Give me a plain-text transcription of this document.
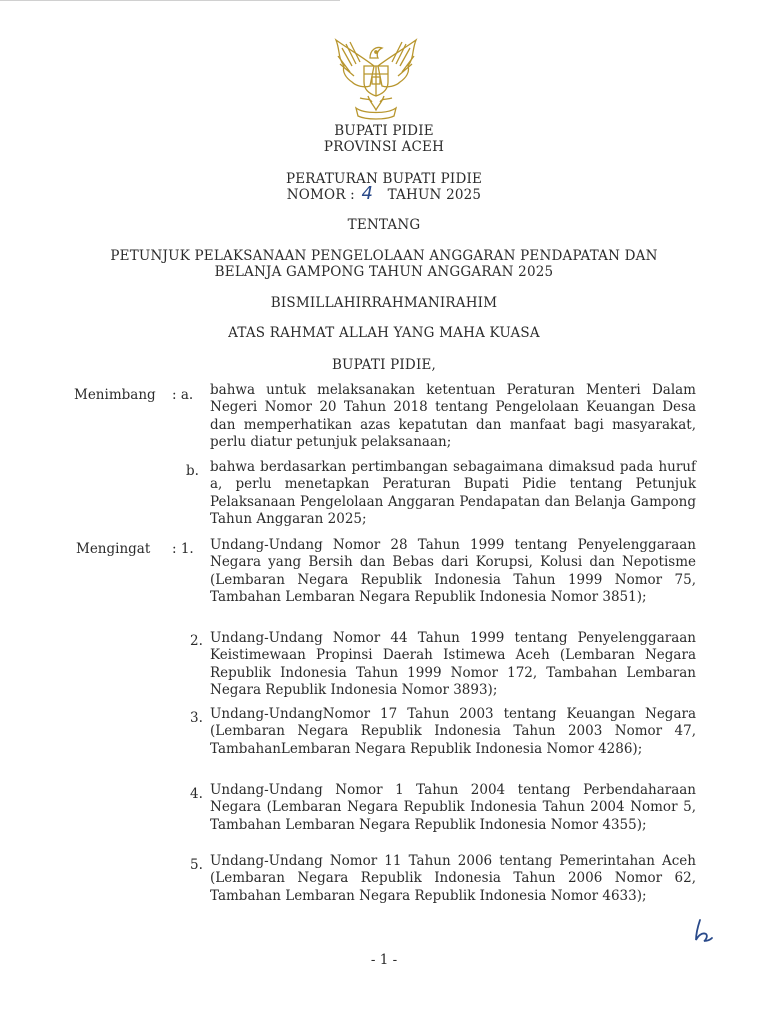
BUPATI PIDIE
PROVINSI ACEH
PERATURAN BUPATI PIDIE
NOMOR : 4 TAHUN 2025
TENTANG
PETUNJUK PELAKSANAAN PENGELOLAAN ANGGARAN PENDAPATAN DAN
BELANJA GAMPONG TAHUN ANGGARAN 2025
BISMILLAHIRRAHMANIRAHIM
ATAS RAHMAT ALLAH YANG MAHA KUASA
BUPATI PIDIE,
Menimbang : a. bahwa untuk melaksanakan ketentuan Peraturan Menteri Dalam Negeri Nomor 20 Tahun 2018 tentang Pengelolaan Keuangan Desa dan memperhatikan azas kepatutan dan manfaat bagi masyarakat, perlu diatur petunjuk pelaksanaan;
b. bahwa berdasarkan pertimbangan sebagaimana dimaksud pada huruf a, perlu menetapkan Peraturan Bupati Pidie tentang Petunjuk Pelaksanaan Pengelolaan Anggaran Pendapatan dan Belanja Gampong Tahun Anggaran 2025;
Mengingat : 1. Undang-Undang Nomor 28 Tahun 1999 tentang Penyelenggaraan Negara yang Bersih dan Bebas dari Korupsi, Kolusi dan Nepotisme (Lembaran Negara Republik Indonesia Tahun 1999 Nomor 75, Tambahan Lembaran Negara Republik Indonesia Nomor 3851);
2. Undang-Undang Nomor 44 Tahun 1999 tentang Penyelenggaraan Keistimewaan Propinsi Daerah Istimewa Aceh (Lembaran Negara Republik Indonesia Tahun 1999 Nomor 172, Tambahan Lembaran Negara Republik Indonesia Nomor 3893);
3. Undang-UndangNomor 17 Tahun 2003 tentang Keuangan Negara (Lembaran Negara Republik Indonesia Tahun 2003 Nomor 47, TambahanLembaran Negara Republik Indonesia Nomor 4286);
4. Undang-Undang Nomor 1 Tahun 2004 tentang Perbendaharaan Negara (Lembaran Negara Republik Indonesia Tahun 2004 Nomor 5, Tambahan Lembaran Negara Republik Indonesia Nomor 4355);
5. Undang-Undang Nomor 11 Tahun 2006 tentang Pemerintahan Aceh (Lembaran Negara Republik Indonesia Tahun 2006 Nomor 62, Tambahan Lembaran Negara Republik Indonesia Nomor 4633);
- 1 -
